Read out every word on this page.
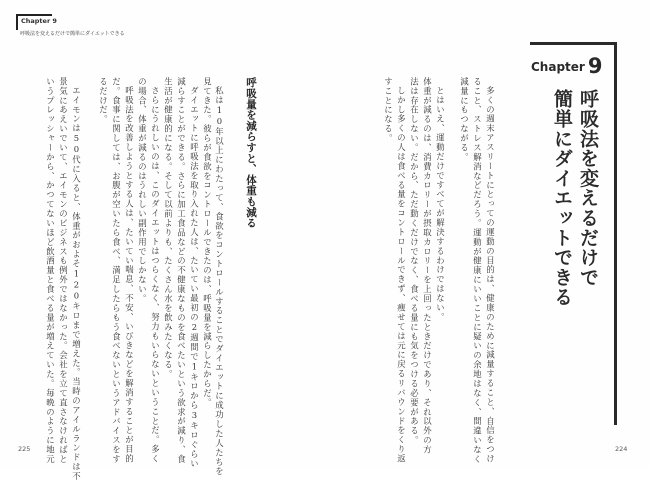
Chapter 9
呼吸法を変えるだけで簡単にダイエットできる
呼吸量を減らすと、体重も減る
私は10年以上にわたって、食欲をコントロールすることでダイエットに成功した人たちを
見てきた。彼らが食欲をコントロールできたのは、呼吸量を減らしたからだ。
ダイエットに呼吸法を取り入れた人は、たいてい最初の2週間で1キロから3キロぐらい
減らすことができる。さらに加工食品などの不健康なものを食べたいという欲求が減り、食
生活が健康的になる。そして以前よりも、たくさん水を飲みたくなる。
さらにうれしいのは、このダイエットはつらくなく、努力もいらないということだ。多く
の場合、体重が減るのはうれしい副作用でしかない。
呼吸法を改善しようとする人は、たいてい喘息、不安、いびきなどを解消することが目的
だ。食事に関しては、お腹が空いたら食べ、満足したらもう食べないというアドバイスをす
るだけだ。
エイモンは50代に入ると、体重がおよそ120キロまで増えた。当時のアイルランドは不
景気にあえいでいて、エイモンのビジネスも例外ではなかった。会社を立て直さなければと
いうプレッシャーから、かつてないほど飲酒量と食べる量が増えていた。毎晩のように地元
225	多くの週末アスリートにとっての運動の目的は、健康のために減量すること、自信をつけ
ること、ストレス解消などだろう。運動が健康にいいことに疑いの余地はなく、間違いなく
減量にもつながる。
とはいえ、運動だけですべてが解決するわけではない。
体重が減るのは、消費カロリーが摂取カロリーを上回ったときだけであり、それ以外の方
法は存在しない。だから、ただ動くだけでなく、食べる量にも気をつける必要がある。
しかし多くの人は食べる量をコントロールできず、痩せては元に戻るリバウンドをくり返
すことになる。
Chapter 9
呼吸法を変えるだけで
簡単にダイエットできる
224
